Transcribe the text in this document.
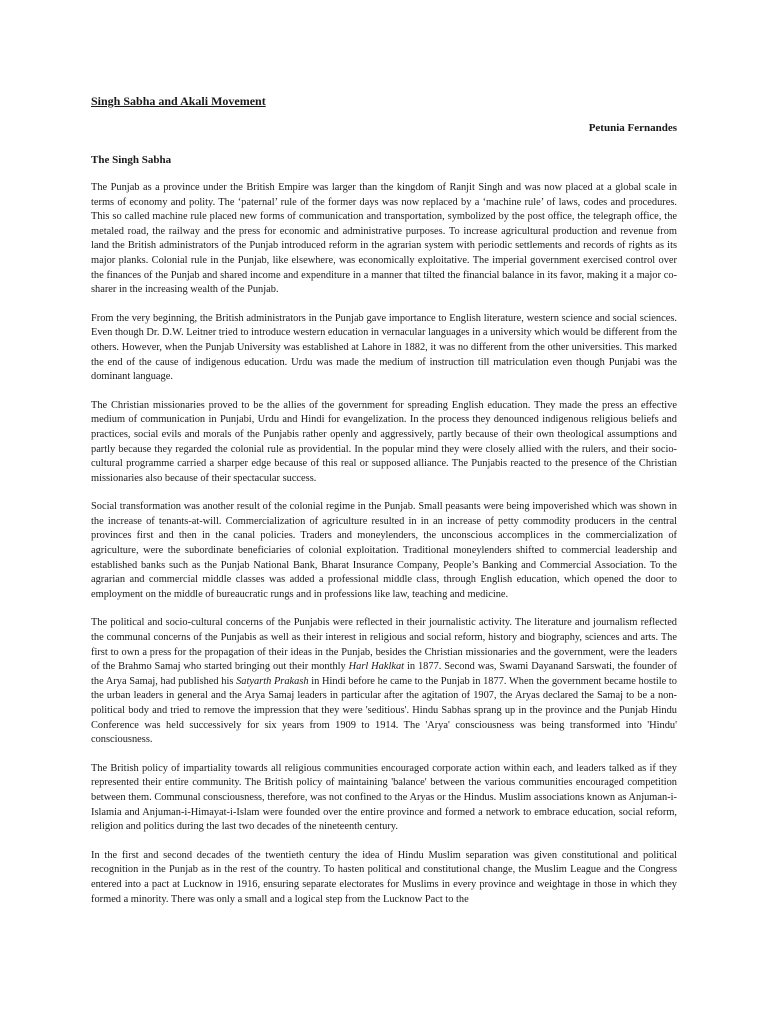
Singh Sabha and Akali Movement

Petunia Fernandes

The Singh Sabha

The Punjab as a province under the British Empire was larger than the kingdom of Ranjit Singh and was now placed at a global scale in terms of economy and polity. The ‘paternal’ rule of the former days was now replaced by a ‘machine rule’ of laws, codes and procedures. This so called machine rule placed new forms of communication and transportation, symbolized by the post office, the telegraph office, the metaled road, the railway and the press for economic and administrative purposes. To increase agricultural production and revenue from land the British administrators of the Punjab introduced reform in the agrarian system with periodic settlements and records of rights as its major planks. Colonial rule in the Punjab, like elsewhere, was economically exploitative. The imperial government exercised control over the finances of the Punjab and shared income and expenditure in a manner that tilted the financial balance in its favor, making it a major co-sharer in the increasing wealth of the Punjab.

From the very beginning, the British administrators in the Punjab gave importance to English literature, western science and social sciences. Even though Dr. D.W. Leitner tried to introduce western education in vernacular languages in a university which would be different from the others. However, when the Punjab University was established at Lahore in 1882, it was no different from the other universities. This marked the end of the cause of indigenous education. Urdu was made the medium of instruction till matriculation even though Punjabi was the dominant language.

The Christian missionaries proved to be the allies of the government for spreading English education. They made the press an effective medium of communication in Punjabi, Urdu and Hindi for evangelization. In the process they denounced indigenous religious beliefs and practices, social evils and morals of the Punjabis rather openly and aggressively, partly because of their own theological assumptions and partly because they regarded the colonial rule as providential. In the popular mind they were closely allied with the rulers, and their socio-cultural programme carried a sharper edge because of this real or supposed alliance. The Punjabis reacted to the presence of the Christian missionaries also because of their spectacular success.

Social transformation was another result of the colonial regime in the Punjab. Small peasants were being impoverished which was shown in the increase of tenants-at-will. Commercialization of agriculture resulted in in an increase of petty commodity producers in the central provinces first and then in the canal policies. Traders and moneylenders, the unconscious accomplices in the commercialization of agriculture, were the subordinate beneficiaries of colonial exploitation. Traditional moneylenders shifted to commercial leadership and established banks such as the Punjab National Bank, Bharat Insurance Company, People’s Banking and Commercial Association. To the agrarian and commercial middle classes was added a professional middle class, through English education, which opened the door to employment on the middle of bureaucratic rungs and in professions like law, teaching and medicine.

The political and socio-cultural concerns of the Punjabis were reflected in their journalistic activity. The literature and journalism reflected the communal concerns of the Punjabis as well as their interest in religious and social reform, history and biography, sciences and arts. The first to own a press for the propagation of their ideas in the Punjab, besides the Christian missionaries and the government, were the leaders of the Brahmo Samaj who started bringing out their monthly Harl Haklkat in 1877. Second was, Swami Dayanand Sarswati, the founder of the Arya Samaj, had published his Satyarth Prakash in Hindi before he came to the Punjab in 1877. When the government became hostile to the urban leaders in general and the Arya Samaj leaders in particular after the agitation of 1907, the Aryas declared the Samaj to be a non-political body and tried to remove the impression that they were 'seditious'. Hindu Sabhas sprang up in the province and the Punjab Hindu Conference was held successively for six years from 1909 to 1914. The 'Arya' consciousness was being transformed into 'Hindu' consciousness.

The British policy of impartiality towards all religious communities encouraged corporate action within each, and leaders talked as if they represented their entire community. The British policy of maintaining 'balance' between the various communities encouraged competition between them. Communal consciousness, therefore, was not confined to the Aryas or the Hindus. Muslim associations known as Anjuman-i-Islamia and Anjuman-i-Himayat-i-Islam were founded over the entire province and formed a network to embrace education, social reform, religion and politics during the last two decades of the nineteenth century.

In the first and second decades of the twentieth century the idea of Hindu Muslim separation was given constitutional and political recognition in the Punjab as in the rest of the country. To hasten political and constitutional change, the Muslim League and the Congress entered into a pact at Lucknow in 1916, ensuring separate electorates for Muslims in every province and weightage in those in which they formed a minority. There was only a small and a logical step from the Lucknow Pact to the
